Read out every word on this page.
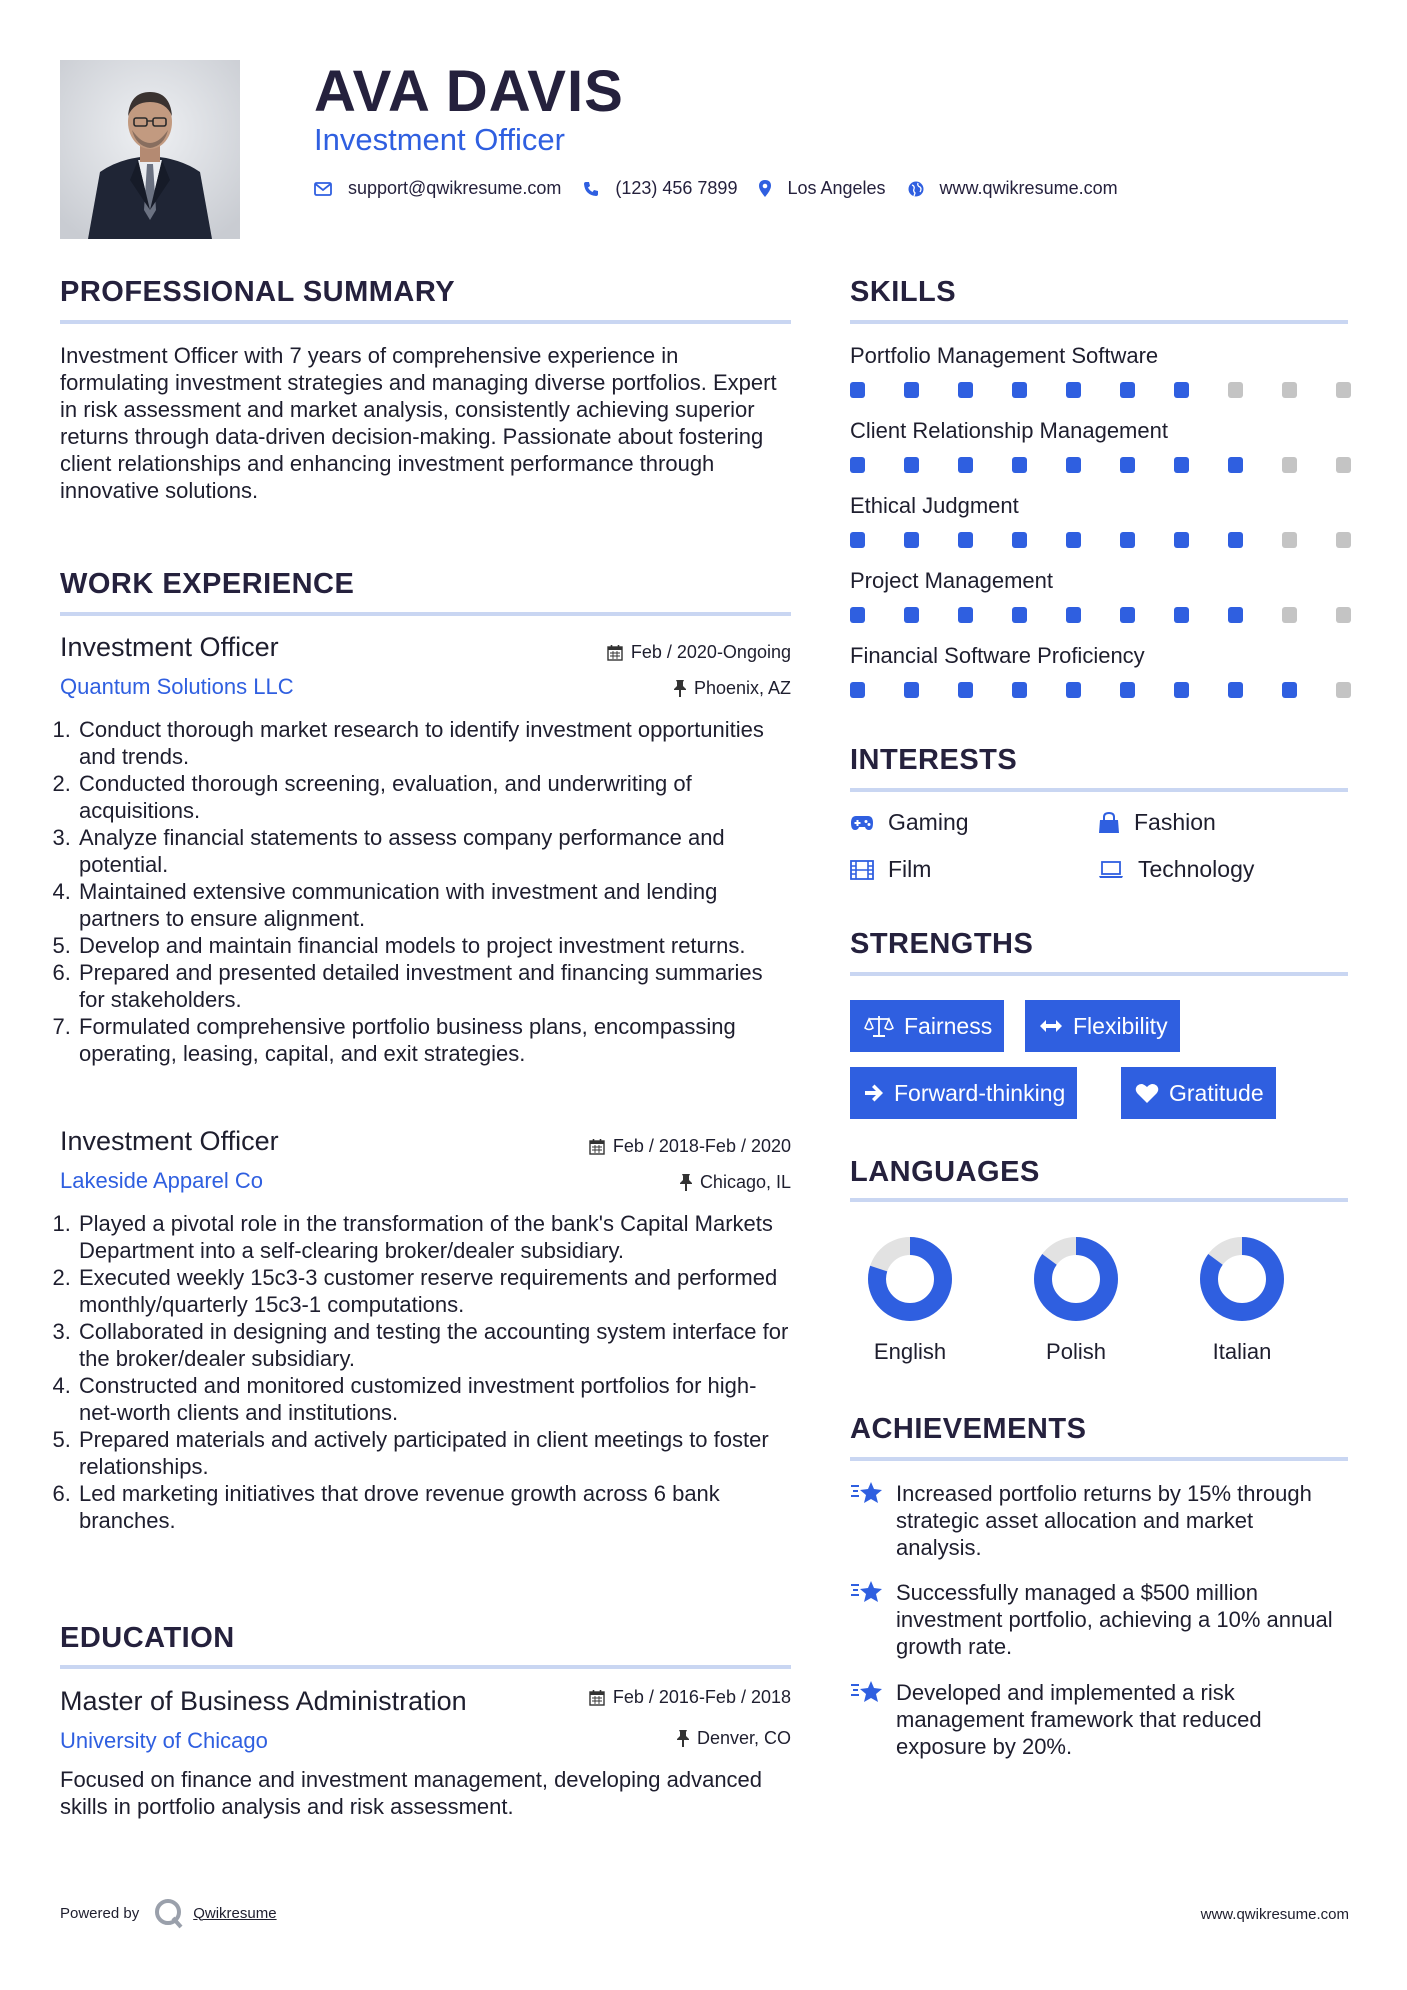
AVA DAVIS
Investment Officer
support@qwikresume.com	(123) 456 7899	Los Angeles	www.qwikresume.com
PROFESSIONAL SUMMARY
Investment Officer with 7 years of comprehensive experience in formulating investment strategies and managing diverse portfolios. Expert in risk assessment and market analysis, consistently achieving superior returns through data-driven decision-making. Passionate about fostering client relationships and enhancing investment performance through innovative solutions.
WORK EXPERIENCE
Investment Officer	Feb / 2020-Ongoing
Quantum Solutions LLC	Phoenix, AZ
1. Conduct thorough market research to identify investment opportunities and trends.
2. Conducted thorough screening, evaluation, and underwriting of acquisitions.
3. Analyze financial statements to assess company performance and potential.
4. Maintained extensive communication with investment and lending partners to ensure alignment.
5. Develop and maintain financial models to project investment returns.
6. Prepared and presented detailed investment and financing summaries for stakeholders.
7. Formulated comprehensive portfolio business plans, encompassing operating, leasing, capital, and exit strategies.
Investment Officer	Feb / 2018-Feb / 2020
Lakeside Apparel Co	Chicago, IL
1. Played a pivotal role in the transformation of the bank's Capital Markets Department into a self-clearing broker/dealer subsidiary.
2. Executed weekly 15c3-3 customer reserve requirements and performed monthly/quarterly 15c3-1 computations.
3. Collaborated in designing and testing the accounting system interface for the broker/dealer subsidiary.
4. Constructed and monitored customized investment portfolios for high-net-worth clients and institutions.
5. Prepared materials and actively participated in client meetings to foster relationships.
6. Led marketing initiatives that drove revenue growth across 6 bank branches.
EDUCATION
Master of Business Administration	Feb / 2016-Feb / 2018
University of Chicago	Denver, CO
Focused on finance and investment management, developing advanced skills in portfolio analysis and risk assessment.
SKILLS
Portfolio Management Software
Client Relationship Management
Ethical Judgment
Project Management
Financial Software Proficiency
INTERESTS
Gaming	Fashion
Film	Technology
STRENGTHS
Fairness	Flexibility
Forward-thinking	Gratitude
LANGUAGES
English	Polish	Italian
ACHIEVEMENTS
Increased portfolio returns by 15% through strategic asset allocation and market analysis.
Successfully managed a $500 million investment portfolio, achieving a 10% annual growth rate.
Developed and implemented a risk management framework that reduced exposure by 20%.
Powered by	Qwikresume	www.qwikresume.com
